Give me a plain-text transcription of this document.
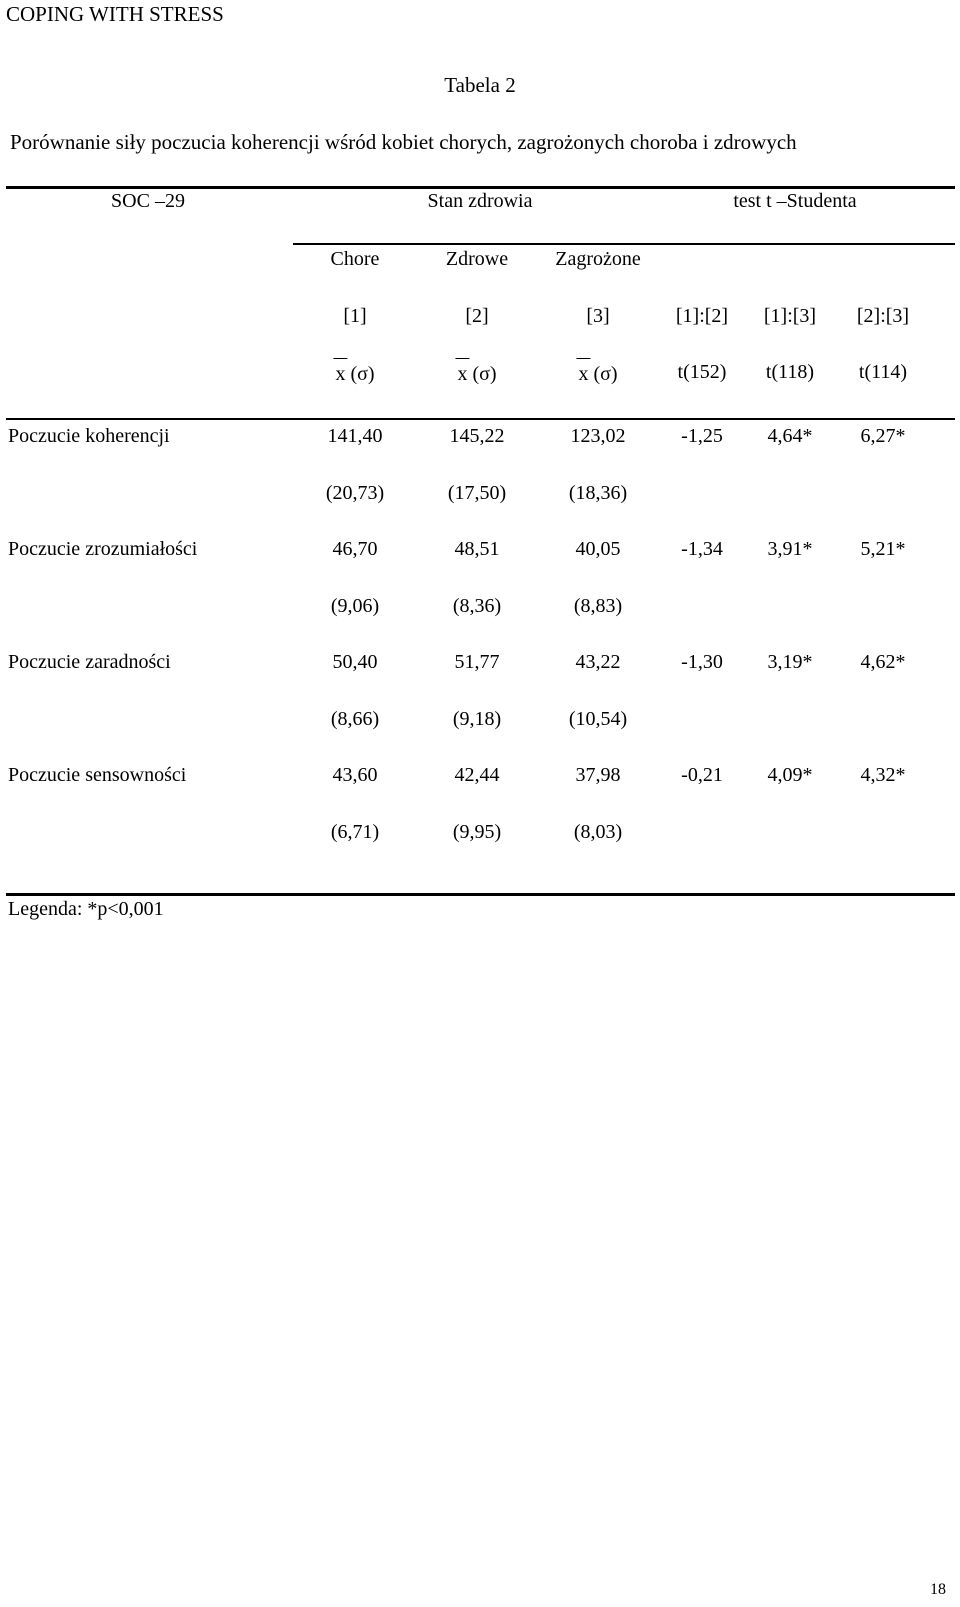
COPING WITH STRESS
Tabela 2
Porównanie siły poczucia koherencji wśród kobiet chorych, zagrożonych choroba i zdrowych
SOC –29	Stan zdrowia	test t –Studenta
Chore	Zdrowe Zagrożone
[1]	[2]	[3]	[1]:[2] [1]:[3] [2]:[3]
x (σ)	x (σ)	x (σ)	t(152) t(118) t(114)
Poczucie koherencji	141,40	145,22	123,02	-1,25 4,64* 6,27*
(20,73)	(17,50)	(18,36)
Poczucie zrozumiałości	46,70	48,51	40,05	-1,34 3,91* 5,21*
(9,06)	(8,36)	(8,83)
Poczucie zaradności	50,40	51,77	43,22	-1,30 3,19* 4,62*
(8,66)	(9,18)	(10,54)
Poczucie sensowności	43,60	42,44	37,98	-0,21 4,09* 4,32*
(6,71)	(9,95)	(8,03)
Legenda: *p<0,001
18
